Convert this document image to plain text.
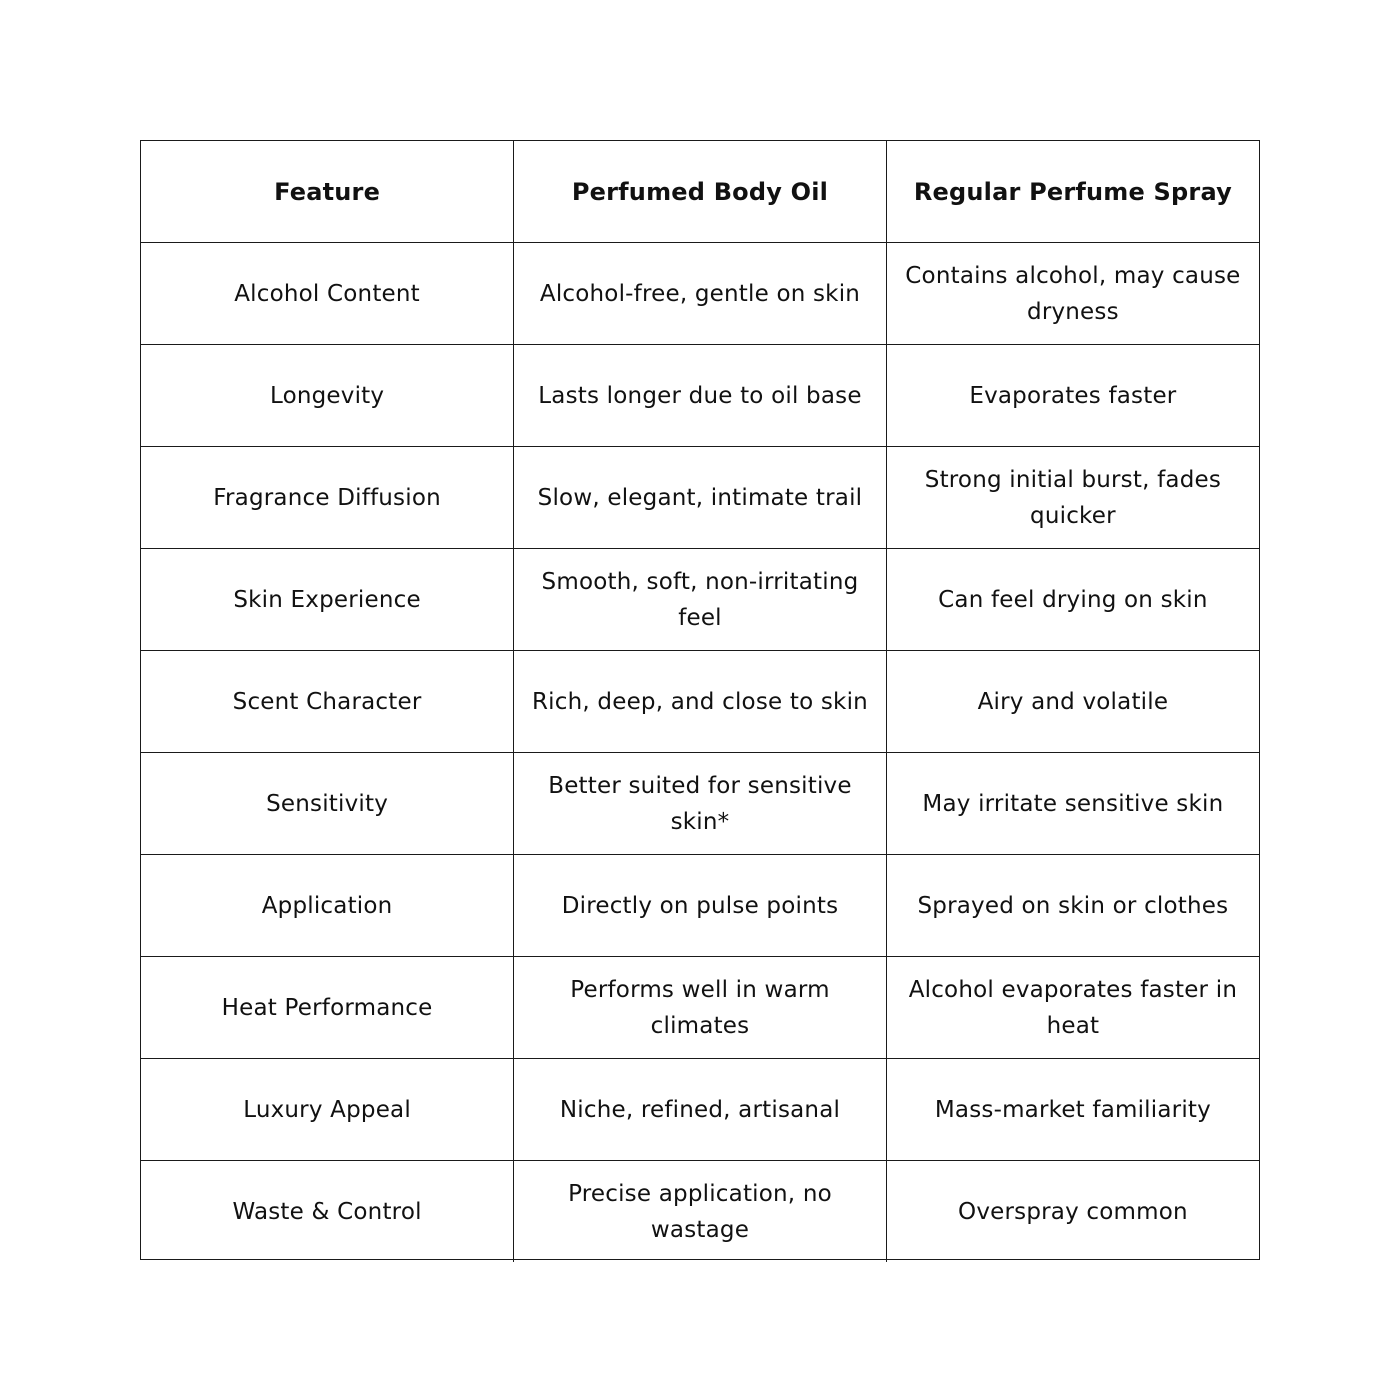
Feature	Perfumed Body Oil	Regular Perfume Spray
Alcohol Content	Alcohol-free, gentle on skin	Contains alcohol, may cause dryness
Longevity	Lasts longer due to oil base	Evaporates faster
Fragrance Diffusion	Slow, elegant, intimate trail	Strong initial burst, fades quicker
Skin Experience	Smooth, soft, non-irritating feel	Can feel drying on skin
Scent Character	Rich, deep, and close to skin	Airy and volatile
Sensitivity	Better suited for sensitive skin*	May irritate sensitive skin
Application	Directly on pulse points	Sprayed on skin or clothes
Heat Performance	Performs well in warm climates	Alcohol evaporates faster in heat
Luxury Appeal	Niche, refined, artisanal	Mass-market familiarity
Waste & Control	Precise application, no wastage	Overspray common
